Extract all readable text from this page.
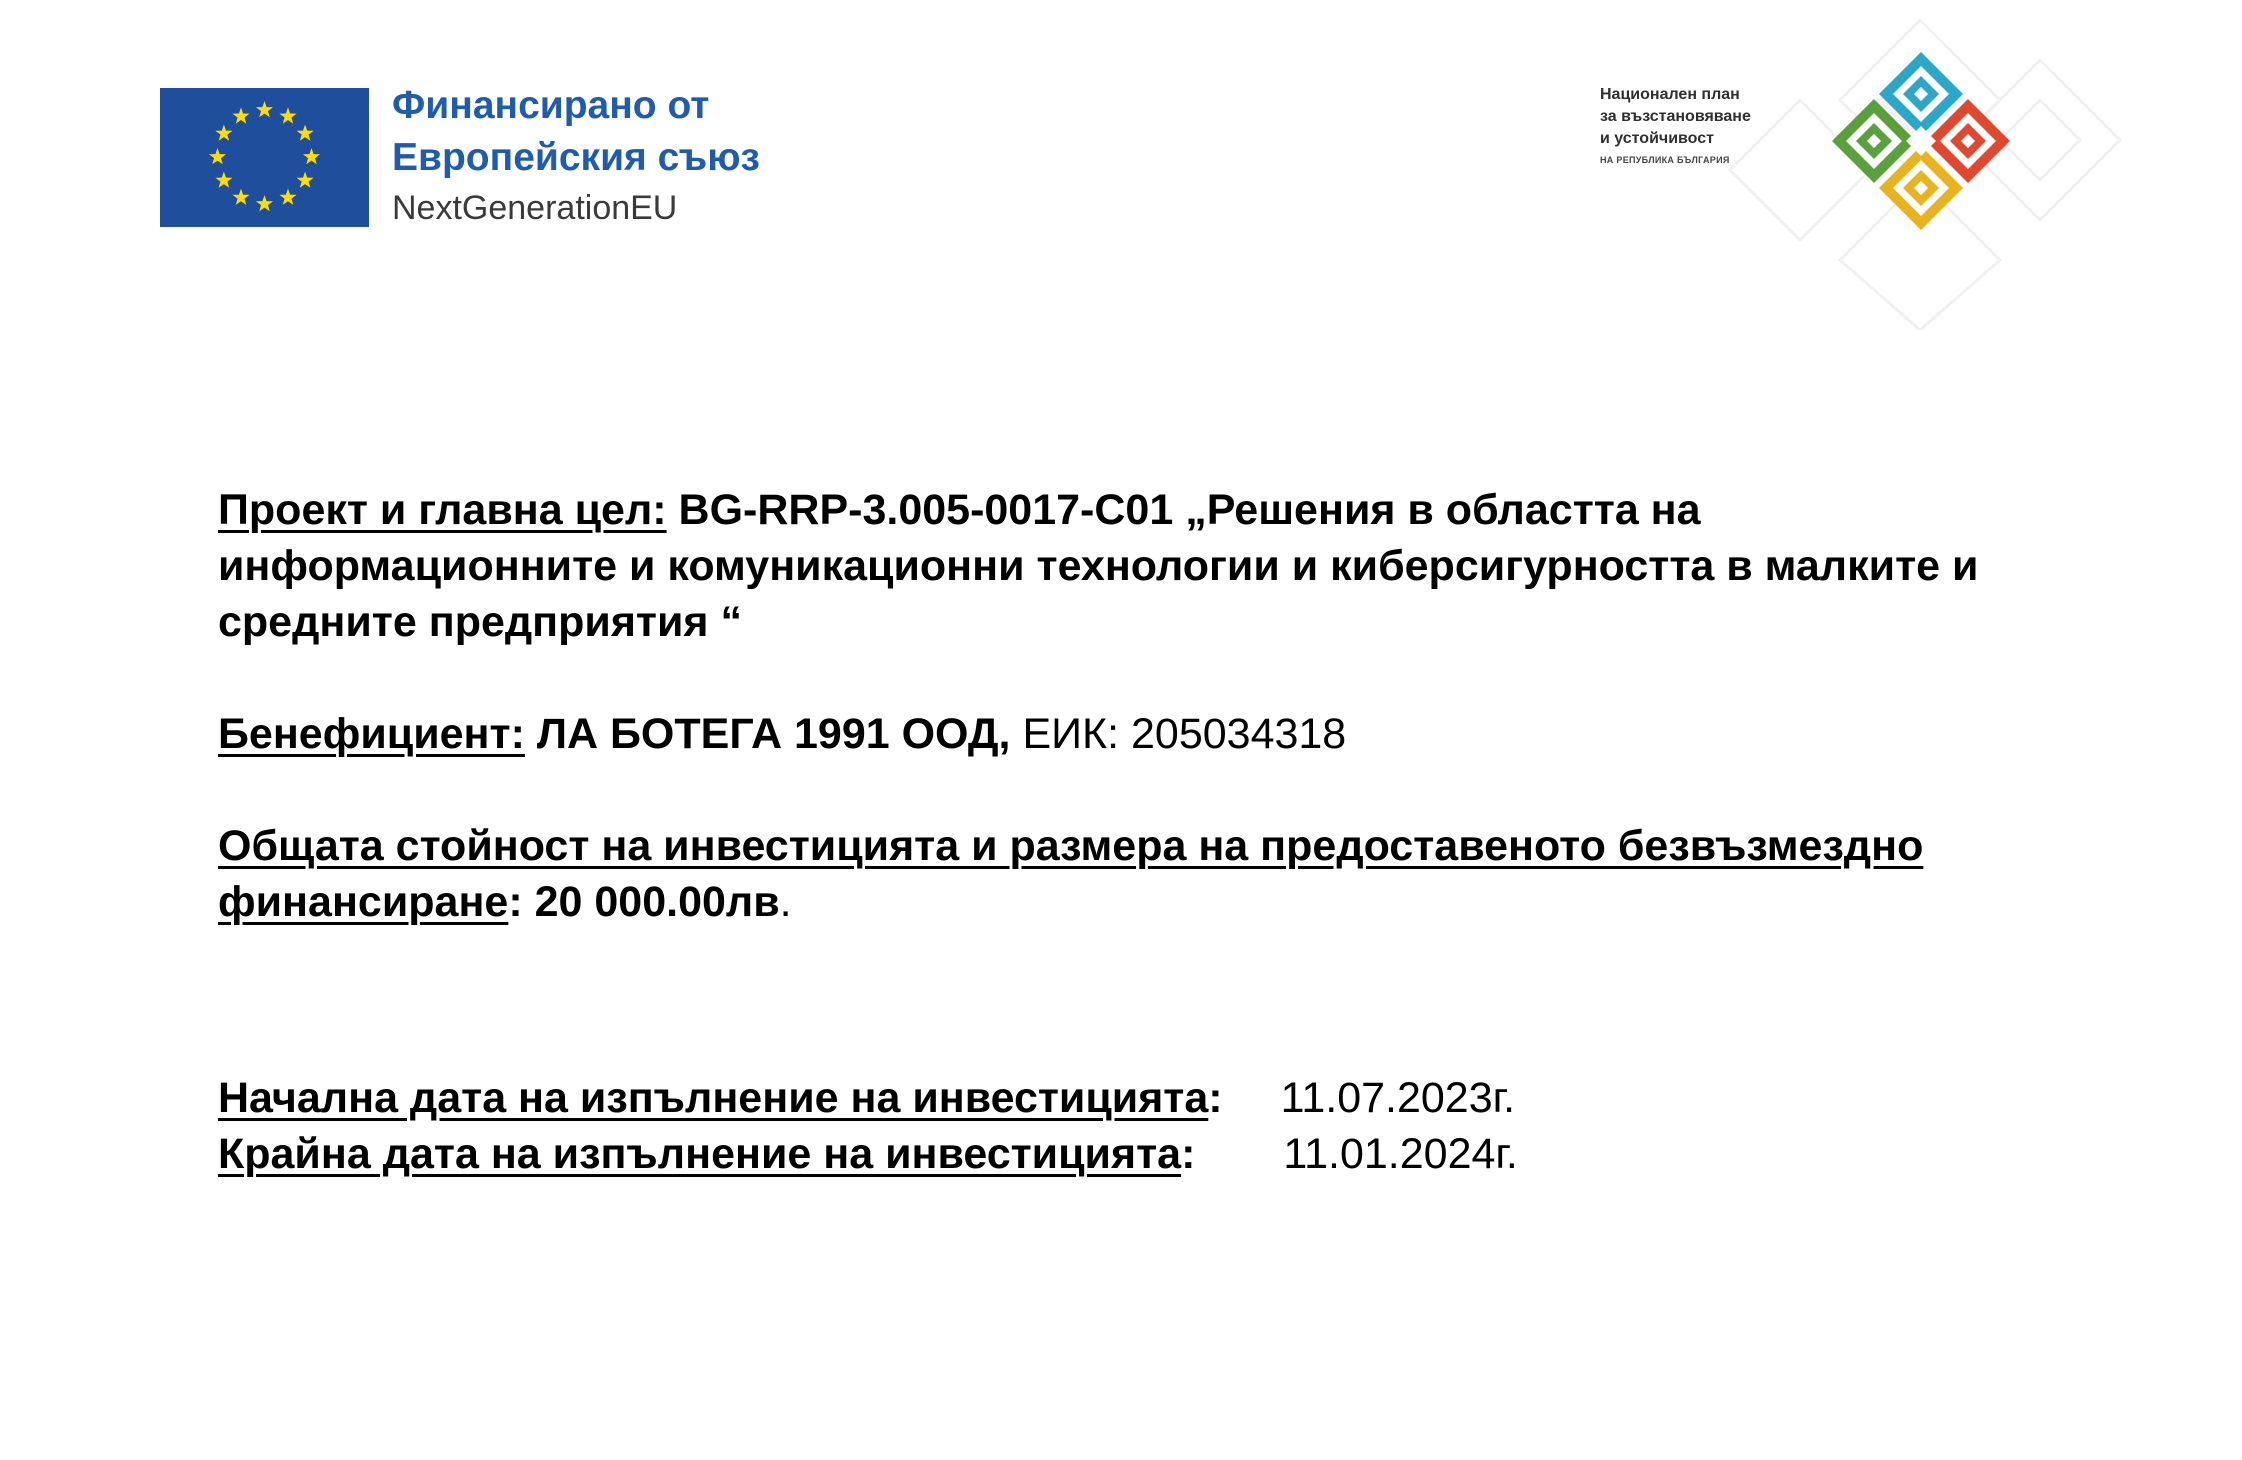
Финансирано от
Европейския съюз
NextGenerationEU
Национален план
за възстановяване
и устойчивост
НА РЕПУБЛИКА БЪЛГАРИЯ

Проект и главна цел: BG-RRP-3.005-0017-C01 „Решения в областта на информационните и комуникационни технологии и киберсигурността в малките и средните предприятия “

Бенефициент: ЛА БОТЕГА 1991 ООД, ЕИК: 205034318

Общата стойност на инвестицията и размера на предоставеното безвъзмездно финансиране: 20 000.00лв.

Начална дата на изпълнение на инвестицията: 11.07.2023г.

Крайна дата на изпълнение на инвестицията: 11.01.2024г.
